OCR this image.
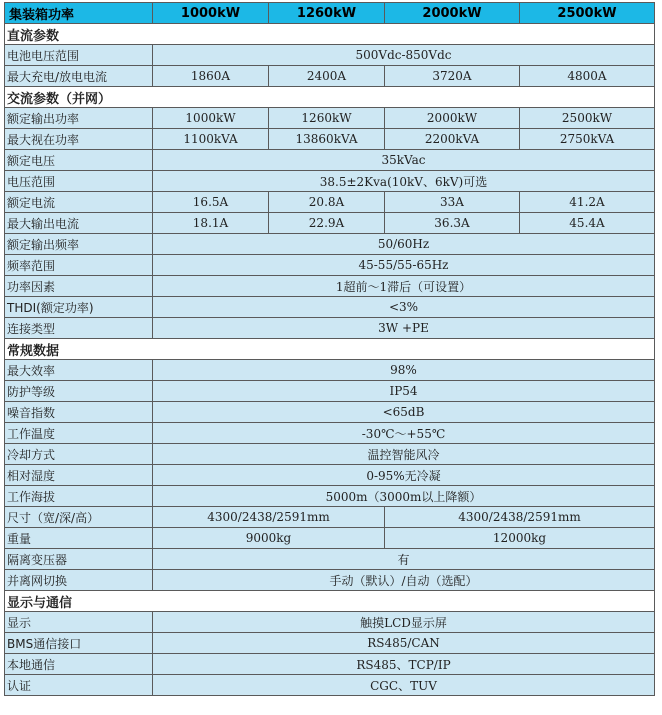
集装箱功率	1000kW	1260kW	2000kW	2500kW
直流参数				
电池电压范围	500Vdc-850Vdc			
最大充电/放电电流	1860A	2400A	3720A	4800A
交流参数（并网）				
额定输出功率	1000kW	1260kW	2000kW	2500kW
最大视在功率	1100kVA	13860kVA	2200kVA	2750kVA
额定电压	35kVac			
电压范围	38.5±2Kva(10kV、6kV)可选			
额定电流	16.5A	20.8A	33A	41.2A
最大输出电流	18.1A	22.9A	36.3A	45.4A
额定输出频率	50/60Hz			
频率范围	45-55/55-65Hz			
功率因素	1超前～1滞后（可设置）			
THDI(额定功率)	<3%			
连接类型	3W +PE			
常规数据				
最大效率	98%			
防护等级	IP54			
噪音指数	<65dB			
工作温度	-30℃～+55℃			
冷却方式	温控智能风冷			
相对湿度	0-95%无冷凝			
工作海拔	5000m（3000m以上降额）			
尺寸（宽/深/高）	4300/2438/2591mm		4300/2438/2591mm	
重量	9000kg		12000kg	
隔离变压器	有			
并离网切换	手动（默认）/自动（选配）			
显示与通信				
显示	触摸LCD显示屏			
BMS通信接口	RS485/CAN			
本地通信	RS485、TCP/IP			
认证	CGC、TUV			
